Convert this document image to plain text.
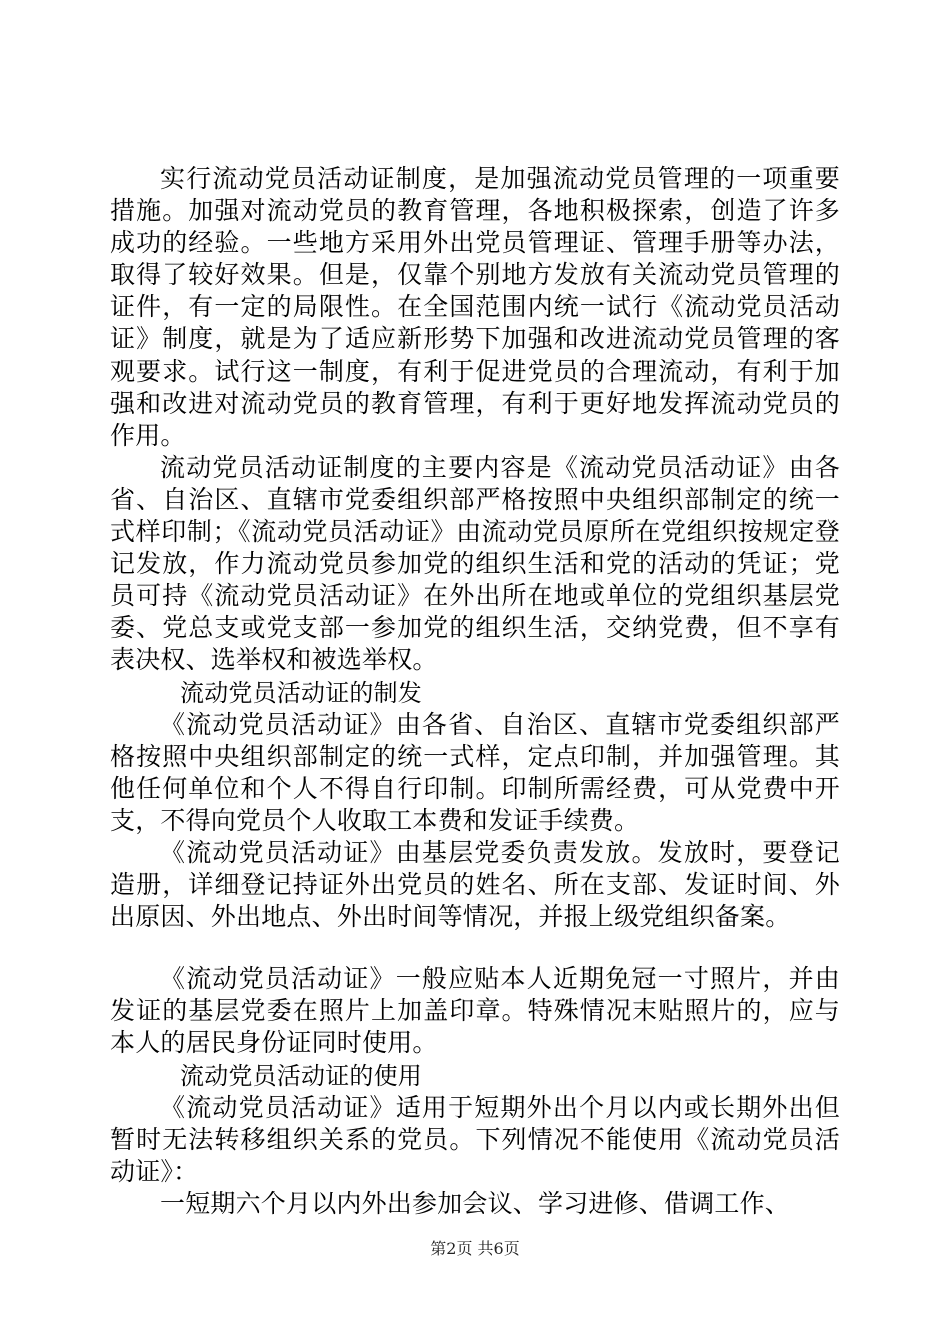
实行流动党员活动证制度，是加强流动党员管理的一项重要措施。加强对流动党员的教育管理，各地积极探索，创造了许多成功的经验。一些地方采用外出党员管理证、管理手册等办法，取得了较好效果。但是，仅靠个别地方发放有关流动党员管理的证件，有一定的局限性。在全国范围内统一试行《流动党员活动证》制度，就是为了适应新形势下加强和改进流动党员管理的客观要求。试行这一制度，有利于促进党员的合理流动，有利于加强和改进对流动党员的教育管理，有利于更好地发挥流动党员的作用。

流动党员活动证制度的主要内容是《流动党员活动证》由各省、自治区、直辖市党委组织部严格按照中央组织部制定的统一式样印制；《流动党员活动证》由流动党员原所在党组织按规定登记发放，作力流动党员参加党的组织生活和党的活动的凭证；党员可持《流动党员活动证》在外出所在地或单位的党组织基层党委、党总支或党支部一参加党的组织生活，交纳党费，但不享有表决权、选举权和被选举权。

流动党员活动证的制发

《流动党员活动证》由各省、自治区、直辖市党委组织部严格按照中央组织部制定的统一式样，定点印制，并加强管理。其他任何单位和个人不得自行印制。印制所需经费，可从党费中开支，不得向党员个人收取工本费和发证手续费。

《流动党员活动证》由基层党委负责发放。发放时，要登记造册，详细登记持证外出党员的姓名、所在支部、发证时间、外出原因、外出地点、外出时间等情况，并报上级党组织备案。

《流动党员活动证》一般应贴本人近期免冠一寸照片，并由发证的基层党委在照片上加盖印章。特殊情况末贴照片的，应与本人的居民身份证同时使用。

流动党员活动证的使用

《流动党员活动证》适用于短期外出个月以内或长期外出但暂时无法转移组织关系的党员。下列情况不能使用《流动党员活动证》：

一短期六个月以内外出参加会议、学习进修、借调工作、

第2页 共6页
